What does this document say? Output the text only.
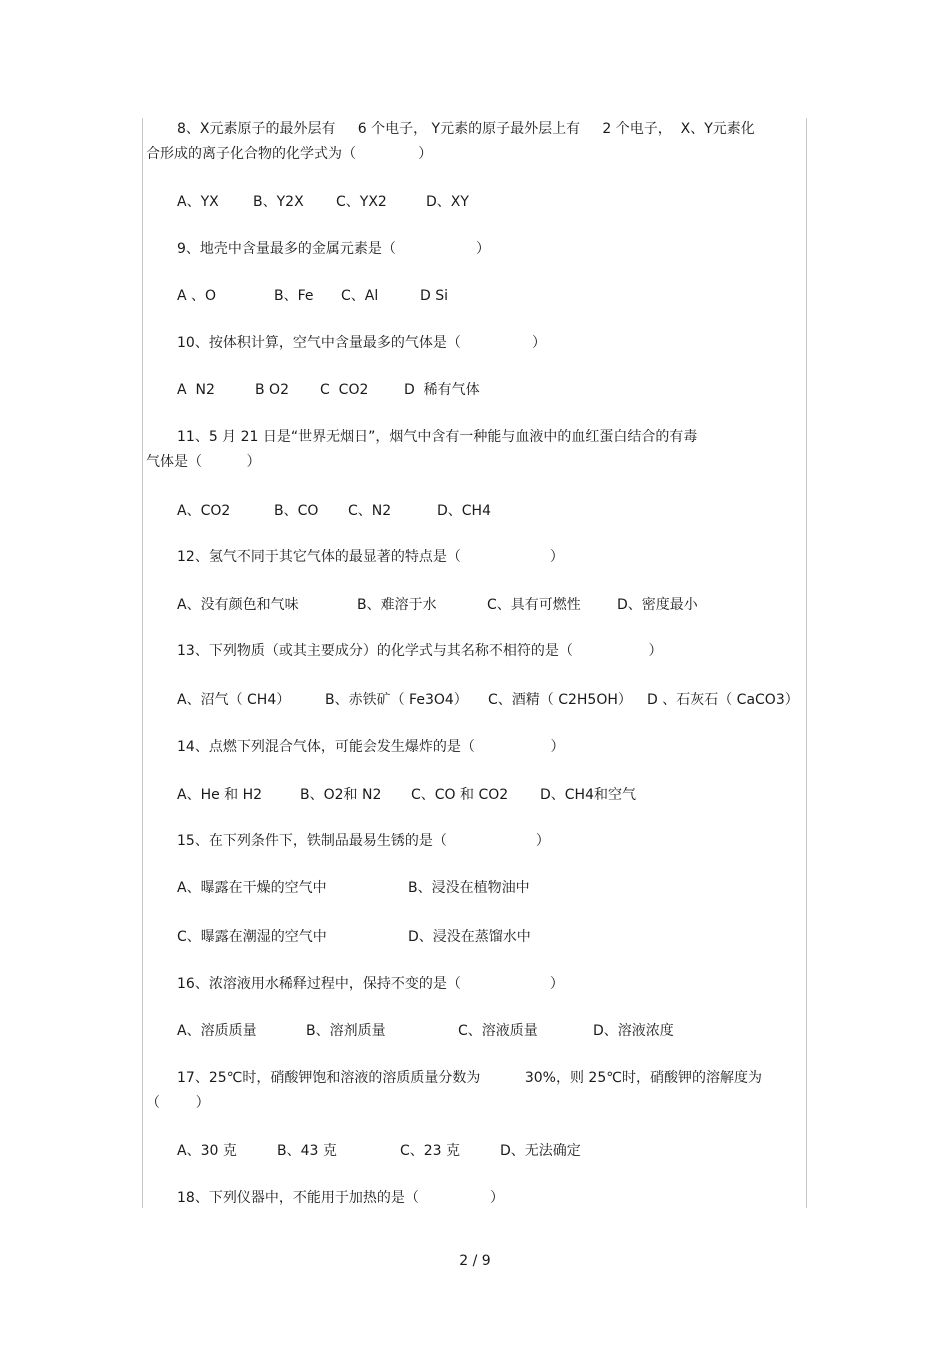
8、X元素原子的最外层有     6 个电子， Y元素的原子最外层上有     2 个电子，  X、Y元素化
合形成的离子化合物的化学式为（              ）
A、YX B、Y2X C、YX2	D、XY
9、地壳中含量最多的金属元素是（                  ）
A 、O	B、Fe C、Al	D Si
10、按体积计算，空气中含量最多的气体是（                ）
A  N2	B O2 C  CO2	D  稀有气体
11、5 月 21 日是“世界无烟日”，烟气中含有一种能与血液中的血红蛋白结合的有毒
气体是（          ）
A、CO2	B、CO C、N2	D、CH4
12、氢气不同于其它气体的最显著的特点是（                    ）
A、没有颜色和气味	B、难溶于水	C、具有可燃性	D、密度最小
13、下列物质（或其主要成分）的化学式与其名称不相符的是（                 ）
A、沼气（ CH4） B、赤铁矿（ Fe3O4） C、酒精（ C2H5OH） D 、石灰石（ CaCO3）
14、点燃下列混合气体，可能会发生爆炸的是（                 ）
A、He 和 H2	B、O2和 N2 C、CO 和 CO2 D、CH4和空气
15、在下列条件下，铁制品最易生锈的是（                    ）
A、曝露在干燥的空气中	B、浸没在植物油中
C、曝露在潮湿的空气中	D、浸没在蒸馏水中
16、浓溶液用水稀释过程中，保持不变的是（                    ）
A、溶质质量	B、溶剂质量	C、溶液质量	D、溶液浓度
17、25℃时，硝酸钾饱和溶液的溶质质量分数为          30%，则 25℃时，硝酸钾的溶解度为
（        ）
A、30 克	B、43 克	C、23 克	D、无法确定
18、下列仪器中，不能用于加热的是（                ）
2 / 9
